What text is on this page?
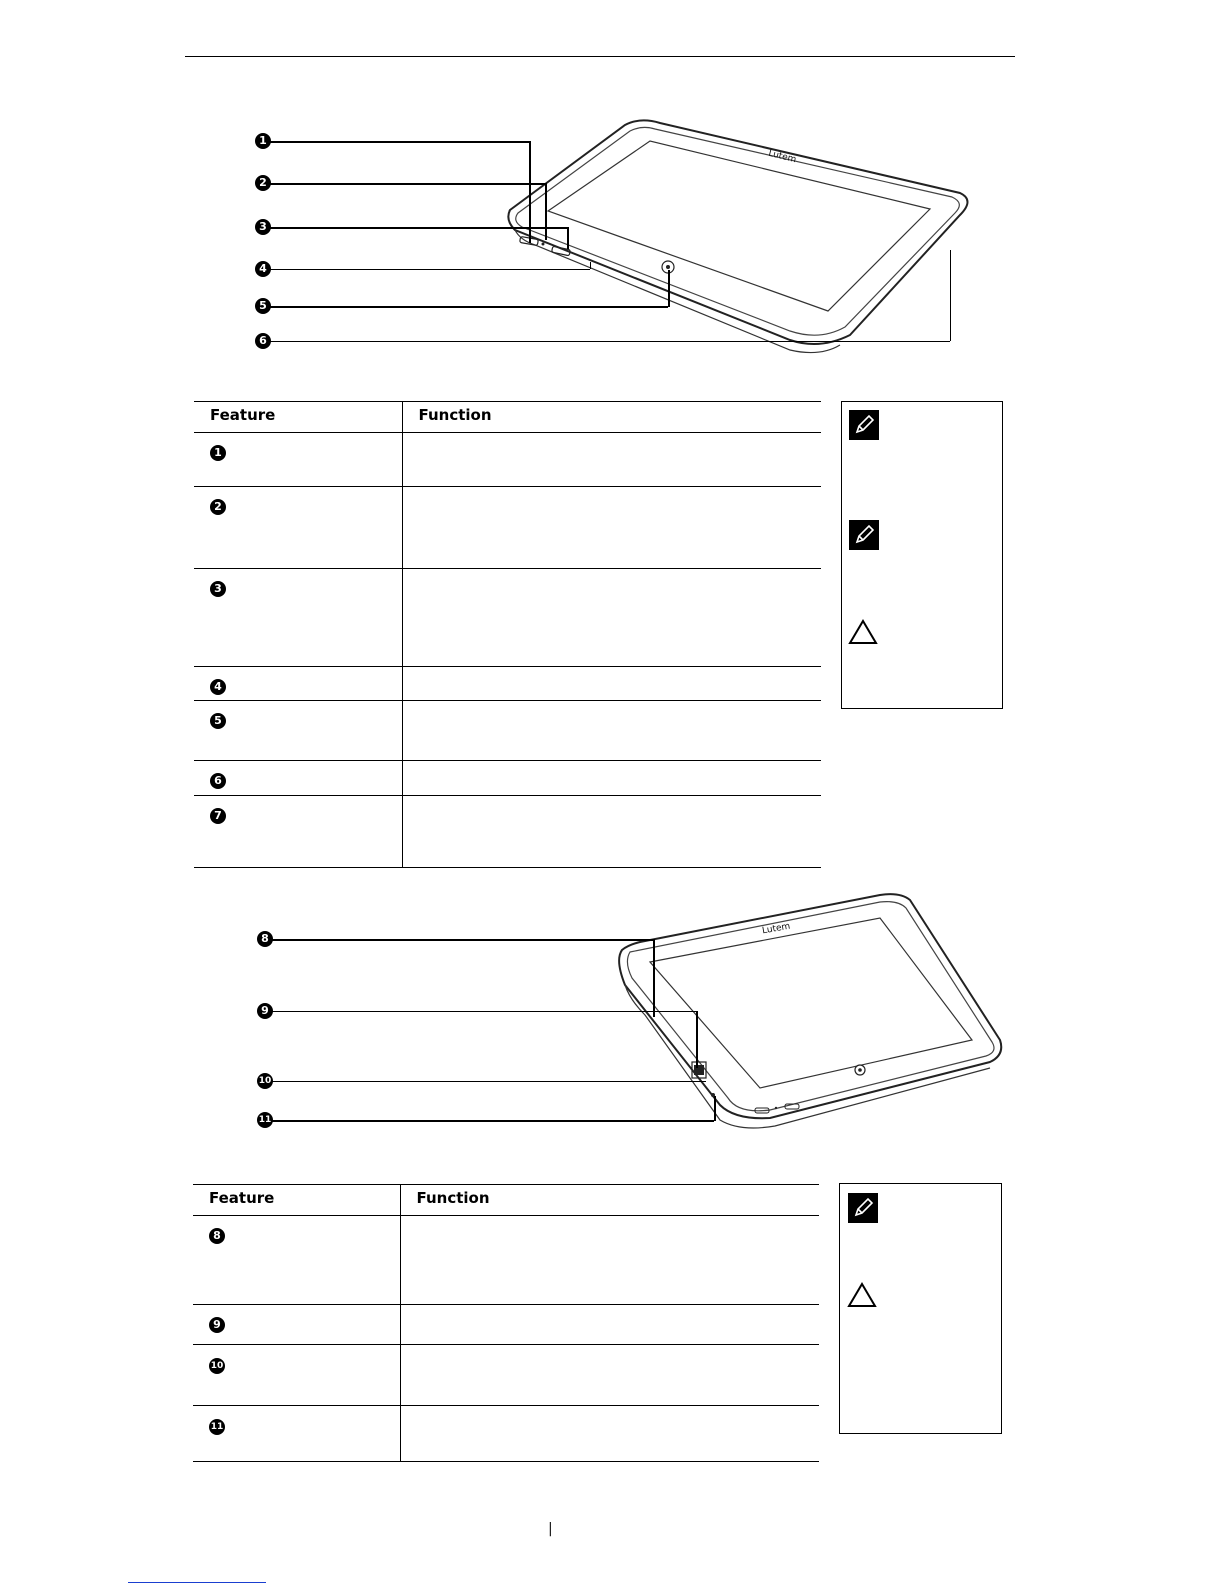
Lutem
1
2
3
4
5
6
Feature	Function
1	
2	
3	
4	
5	
6	
7	
Lutem
8
9
10
11
Feature	Function
8	
9	
10	
11	
|
